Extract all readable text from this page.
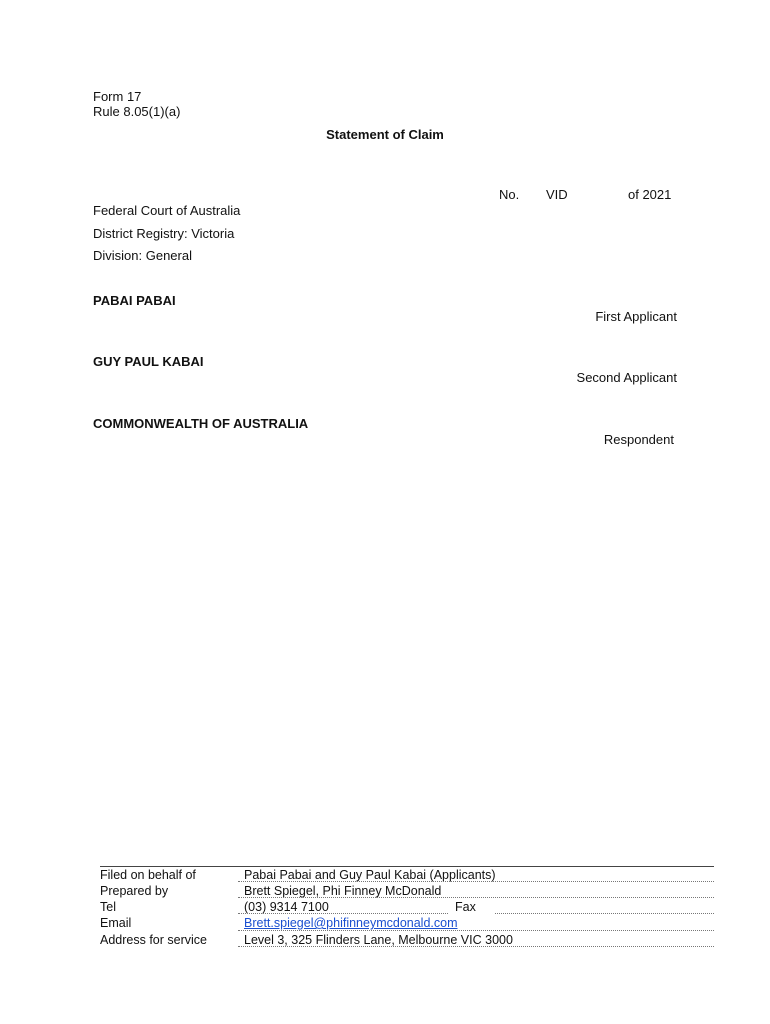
Form 17
Rule 8.05(1)(a)
Statement of Claim
No. VID	of 2021
Federal Court of Australia
District Registry: Victoria
Division: General
PABAI PABAI
First Applicant
GUY PAUL KABAI
Second Applicant
COMMONWEALTH OF AUSTRALIA
Respondent
Filed on behalf of	Pabai Pabai and Guy Paul Kabai (Applicants)
Prepared by	Brett Spiegel, Phi Finney McDonald
Tel	(03) 9314 7100	Fax
Email	Brett.spiegel@phifinneymcdonald.com
Address for service	Level 3, 325 Flinders Lane, Melbourne VIC 3000
